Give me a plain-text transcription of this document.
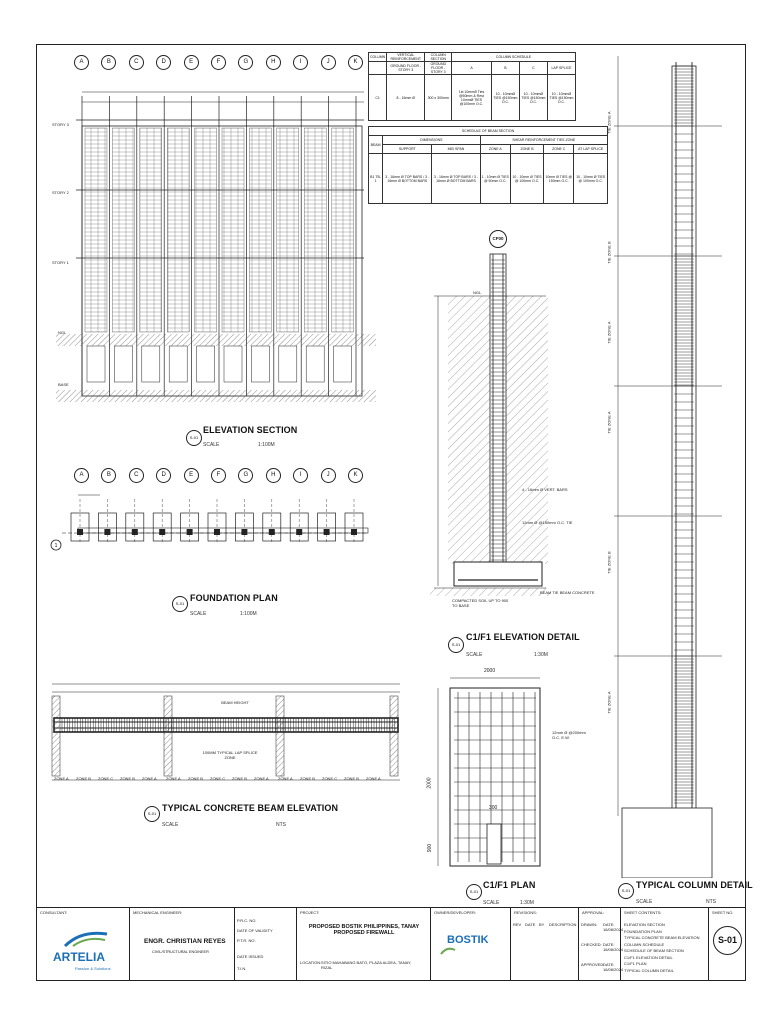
A	B	C	D	E	F	G	H	I	J	K
STORY 3
STORY 2
STORY 1
NGL
BASE
S-01
ELEVATION SECTION
SCALE	1:100M
A	B	C	D	E	F	G	H	I	J	K
1
S-01
FOUNDATION PLAN
SCALE	1:100M
ZONE A ZONE B ZONE C ZONE B ZONE A ZONE A ZONE B ZONE C ZONE B ZONE A ZONE A ZONE B ZONE C ZONE B ZONE A
BEAM HEIGHT
100MM TYPICAL LAP SPLICE ZONE
S-01
TYPICAL CONCRETE BEAM ELEVATION
SCALE	NTS
COLUMN	VERTICAL REINFORCEMENT	COLUMN SECTION	COLUMN SCHEDULE			
	GROUND FLOOR - STORY 3	GROUND FLOOR - STORY 3	A	B	C	LAP SPLICE
C1	8 - 16mm Ø	300 x 300mm	1st 10mmØ Ties @50mm & Rest 10mmØ TIES @100mm O.C.	10 - 10mmØ TIES @150mm O.C.	10 - 10mmØ TIES @150mm O.C.	10 - 10mmØ TIES @150mm O.C.
SCHEDULE OF BEAM SECTION						
BEAM	DIMENSIONS		SHEAR REINFORCEMENT TIES ZONE			
	SUPPORT	MID SPAN	ZONE A	ZONE B	ZONE C	AT LAP SPLICE
B1 TB-1	3 - 16mm Ø TOP BARS / 3 - 16mm Ø BOTTOM BARS	3 - 16mm Ø TOP BARS / 3 - 16mm Ø BOTTOM BARS	1 - 10mm Ø TIES @ 50mm O.C.	10 - 10mm Ø TIES @ 100mm O.C.	10mm Ø TIES @ 150mm O.C.	10 - 10mm Ø TIES @ 100mm O.C.
CF00
NGL
4 - 16mm Ø VERT. BARS
12mm Ø @150mm O.C. TIE
COMPACTED SOIL UP TO 900 TO BASE
BEAM TIE BEAM CONCRETE
S-01
C1/F1 ELEVATION DETAIL
SCALE	1:30M
2000
2000
300
900
12mm Ø @200mm O.C. E.W.
S-01
C1/F1 PLAN
SCALE	1:30M
TIE ZONE A
TIE ZONE B
TIE ZONE A
TIE ZONE A
TIE ZONE B
TIE ZONE A
S-01
TYPICAL COLUMN DETAIL
SCALE	NTS
CONSULTANT:
ARTELIA
Passion & Solutions
MECHANICAL ENGINEER:
ENGR. CHRISTIAN REYES
CIVIL/STRUCTURAL ENGINEER
P.R.C. NO.
DATE OF VALIDITY
P.T.R. NO.
DATE ISSUED
T.I.N.
PROJECT:
PROPOSED BOSTIK PHILIPPINES, TANAY PROPOSED FIREWALL
LOCATION: SITIO MAHABANG BATO, PLAZA ALDEA, TANAY, RIZAL
OWNER/DEVELOPER:
BOSTIK
REVISIONS:
REV DATE BY DESCRIPTION
APPROVAL:
DRAWN:
CHECKED:
APPROVED:
DATE:
16/08/2024
DATE:
16/08/2024
DATE:
16/08/2024
SHEET CONTENTS:
ELEVATION SECTION
FOUNDATION PLAN
TYPICAL CONCRETE BEAM ELEVATION
COLUMN SCHEDULE
SCHEDULE OF BEAM SECTION
C1/F1 ELEVATION DETAIL
C1/F1 PLAN
TYPICAL COLUMN DETAIL
SHEET NO.
S-01
